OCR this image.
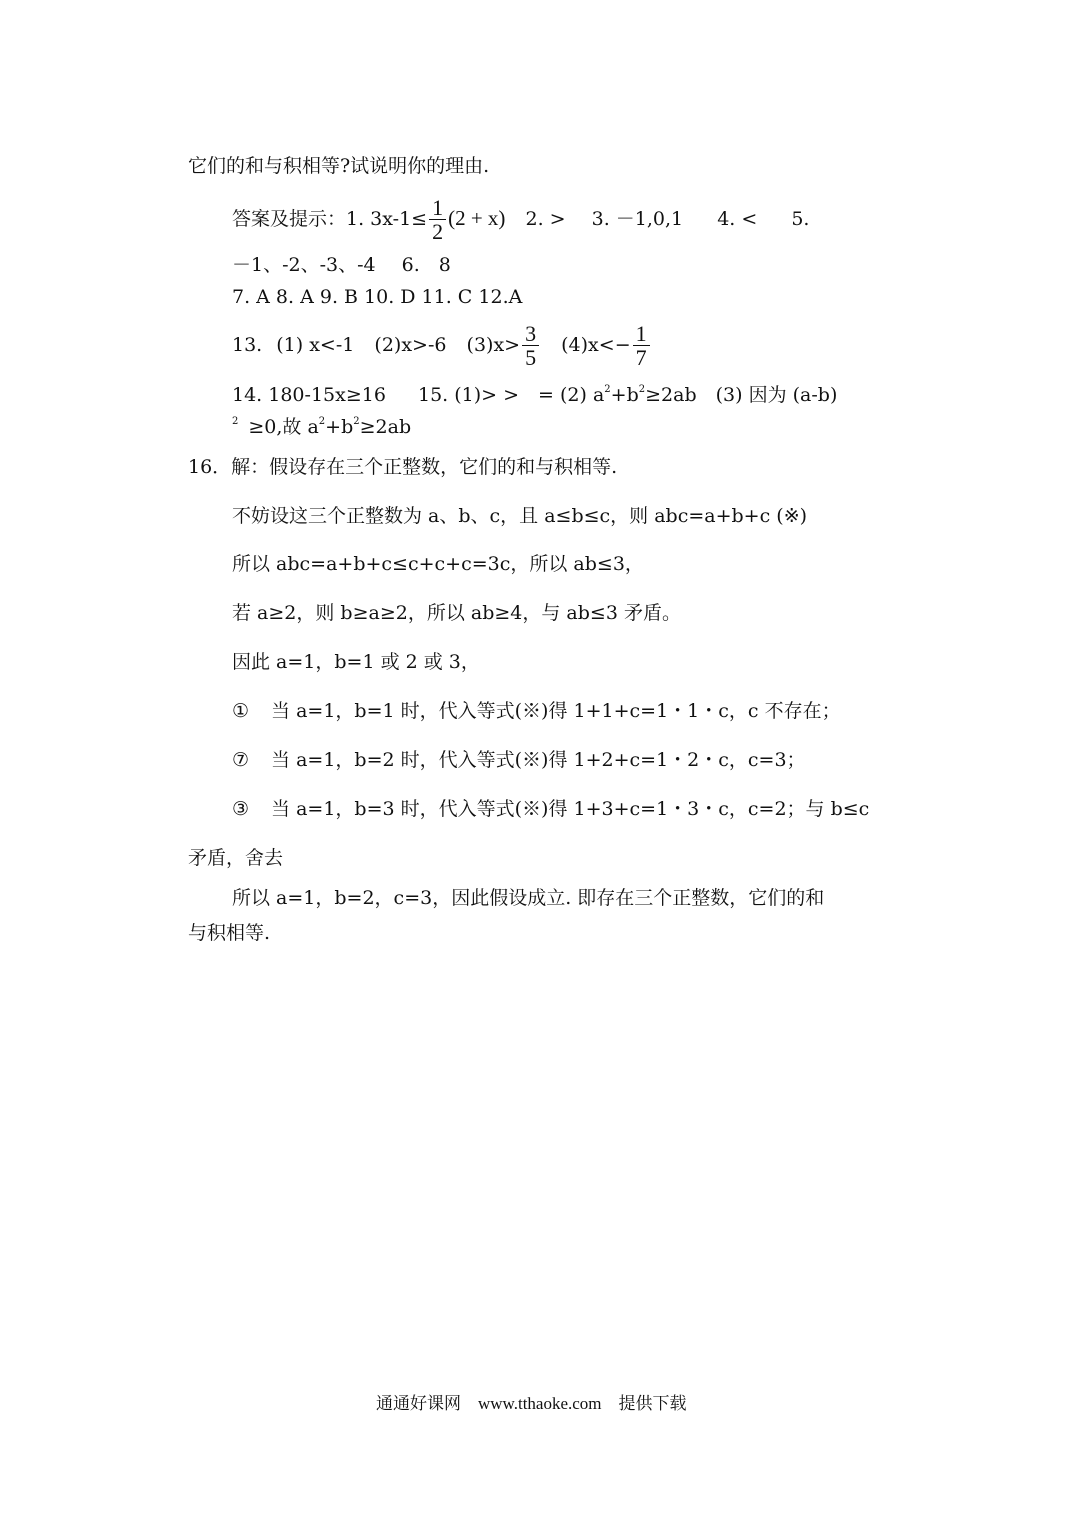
它们的和与积相等?试说明你的理由.
答案及提示：1. $3x-1\le \frac{1}{2} (2 + x) 2$. > 3. －1,0,1 4. < 5.
－1、-2、-3、-4 6.　8
7. A 8. A 9. B 10. D 11. C 12.A
13. (1) x<-1 (2)x>-6 $(3)x> \frac{3}{5} (4)x<- \frac{1}{7}$
14. 180-15x≥16 15. (1)> >　= (2) $a^2+b^2\ge 2ab$　(3) 因为 (a-b)
$^2$ ≥0,故 $a^2+b^2\ge 2ab$
16．解：假设存在三个正整数，它们的和与积相等.
不妨设这三个正整数为 a、b、c，且 a≤b≤c，则 abc=a+b+c (※)
所以 abc=a+b+c≤c+c+c=3c，所以 ab≤3，
若 a≥2，则 b≥a≥2，所以 ab≥4，与 ab≤3 矛盾。
因此 a=1，b=1 或 2 或 3，
① 当 a=1，b=1 时，代入等式(※)得 1+1+c=1・1・c，c 不存在；
⑦ 当 a=1，b=2 时，代入等式(※)得 1+2+c=1・2・c，c=3；
③ 当 a=1，b=3 时，代入等式(※)得 1+3+c=1・3・c，c=2；与 b≤c
矛盾，舍去
所以 a=1，b=2，c=3，因此假设成立. 即存在三个正整数，它们的和
与积相等.
通通好课网　www.tthaoke.com　提供下载
